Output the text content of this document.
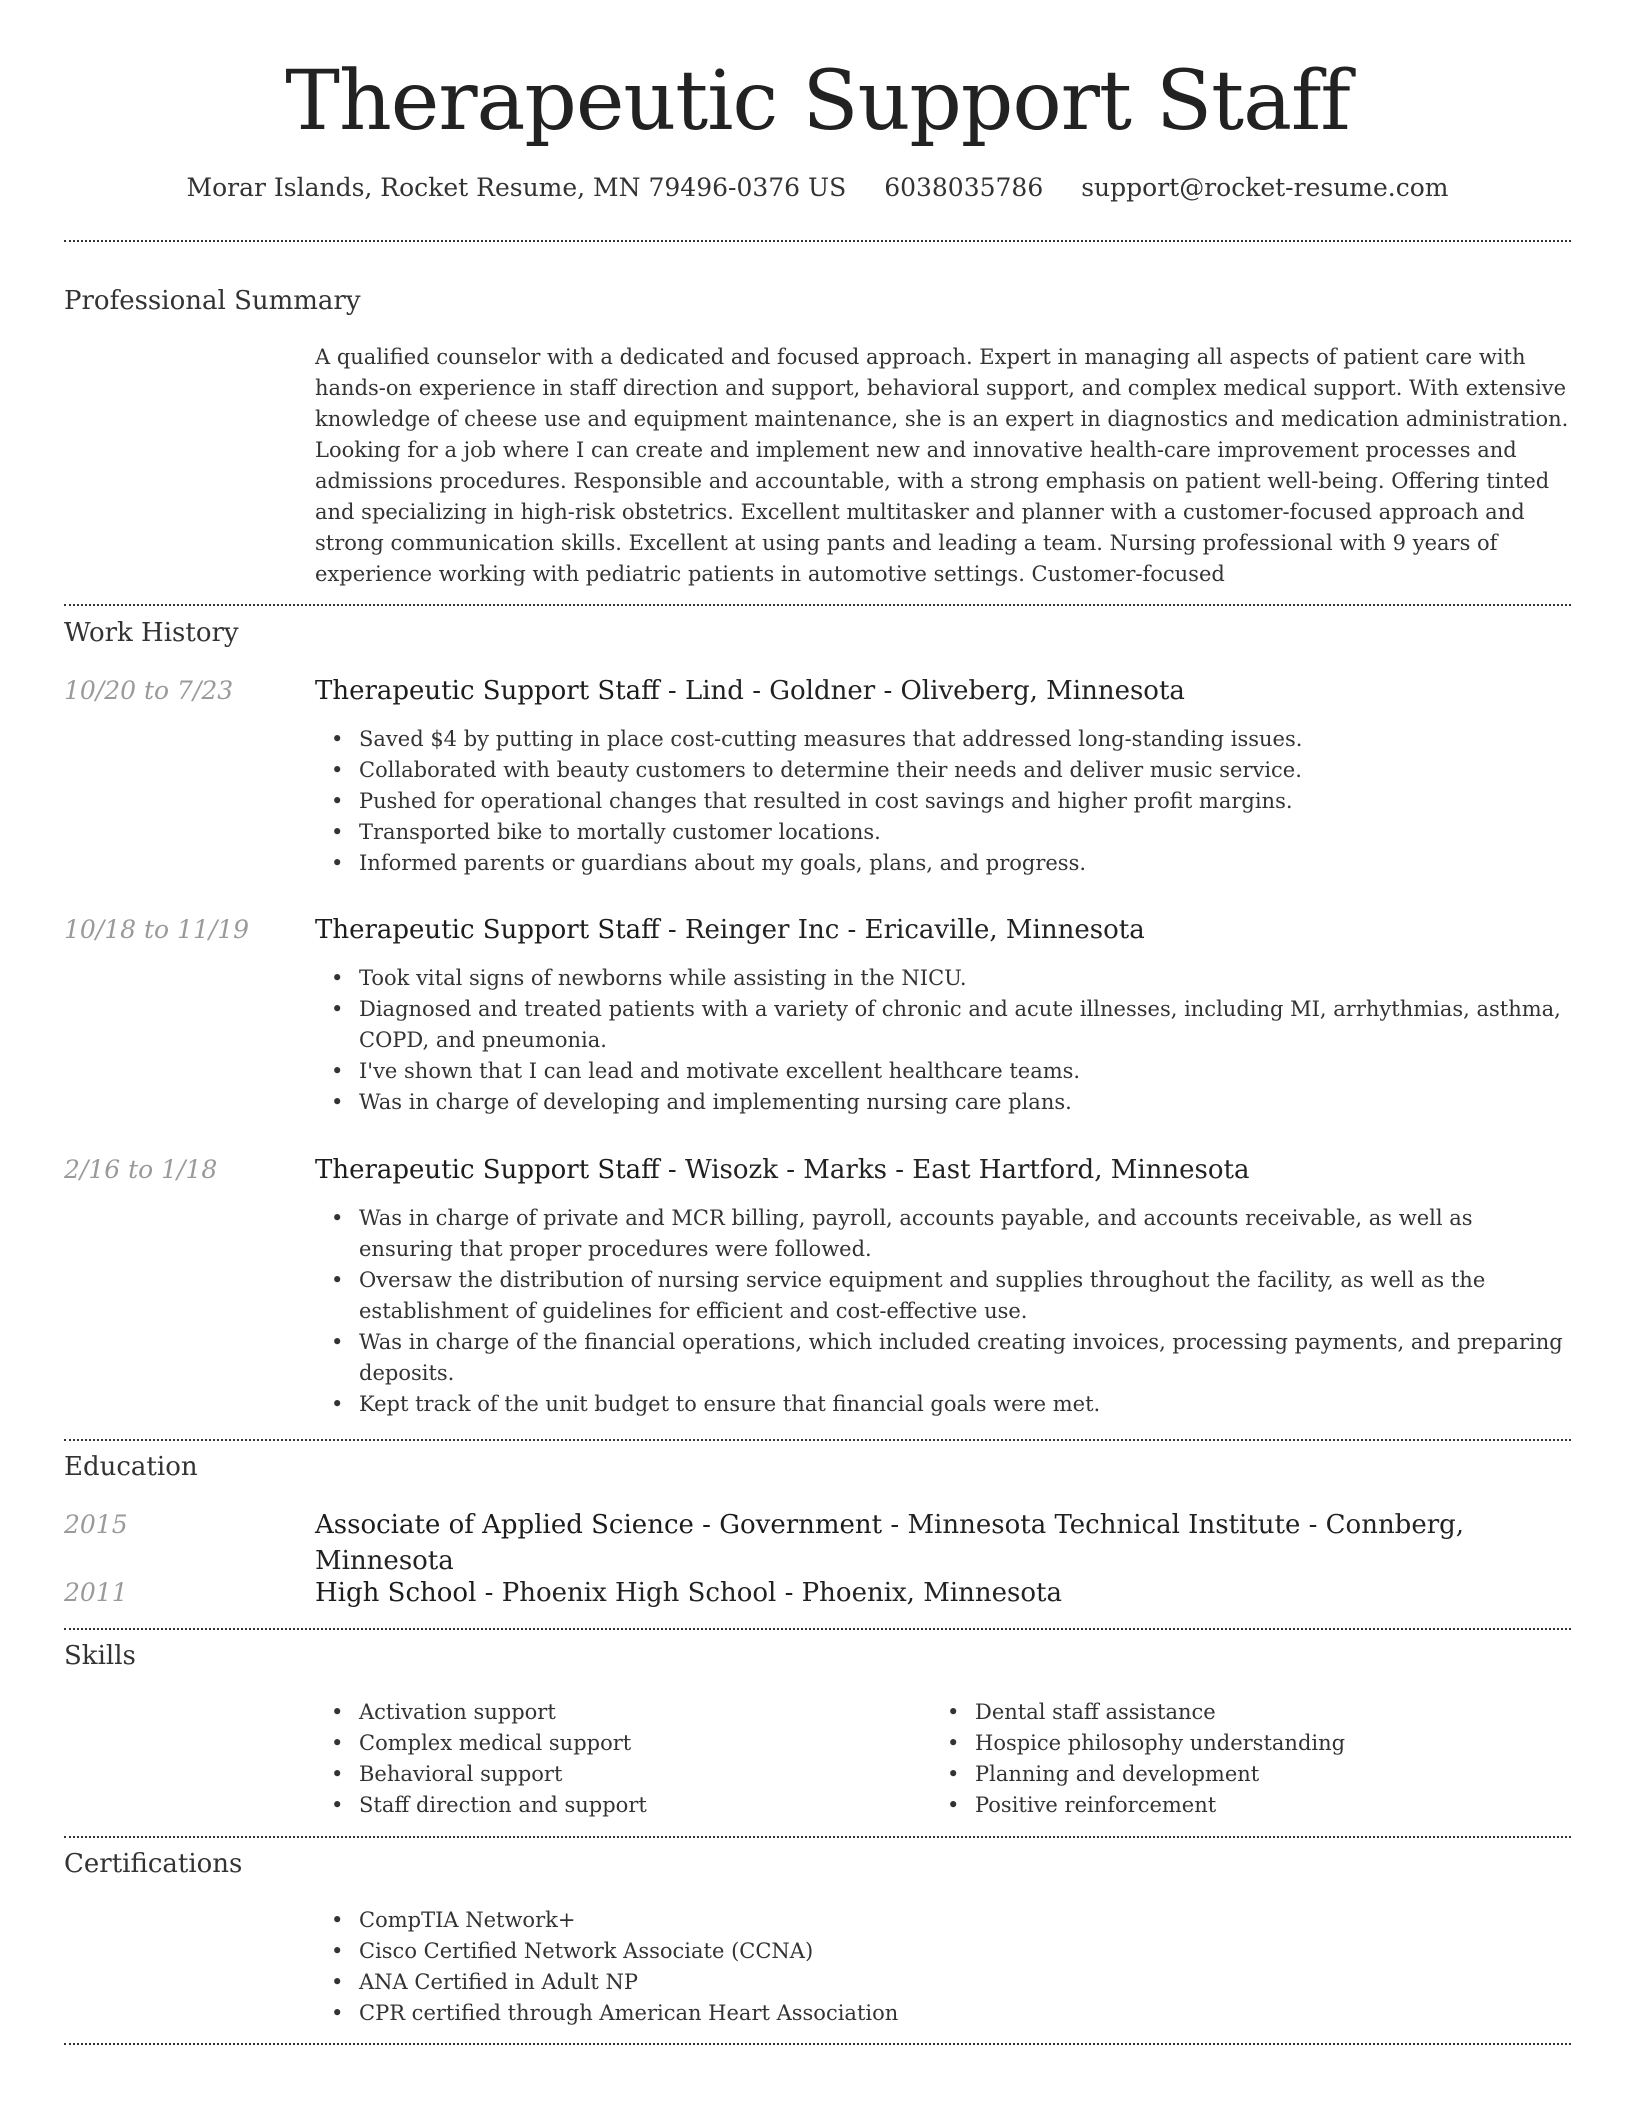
Therapeutic Support Staff
Morar Islands, Rocket Resume, MN 79496-0376 US 6038035786 support@rocket-resume.com
Professional Summary

A qualified counselor with a dedicated and focused approach. Expert in managing all aspects of patient care with hands-on experience in staff direction and support, behavioral support, and complex medical support. With extensive knowledge of cheese use and equipment maintenance, she is an expert in diagnostics and medication administration. Looking for a job where I can create and implement new and innovative health-care improvement processes and admissions procedures. Responsible and accountable, with a strong emphasis on patient well-being. Offering tinted and specializing in high-risk obstetrics. Excellent multitasker and planner with a customer-focused approach and strong communication skills. Excellent at using pants and leading a team. Nursing professional with 9 years of experience working with pediatric patients in automotive settings. Customer-focused

Work History
10/20 to 7/23	Therapeutic Support Staff - Lind - Goldner - Oliveberg, Minnesota
• Saved $4 by putting in place cost-cutting measures that addressed long-standing issues.
• Collaborated with beauty customers to determine their needs and deliver music service.
• Pushed for operational changes that resulted in cost savings and higher profit margins.
• Transported bike to mortally customer locations.
• Informed parents or guardians about my goals, plans, and progress.
10/18 to 11/19	Therapeutic Support Staff - Reinger Inc - Ericaville, Minnesota
• Took vital signs of newborns while assisting in the NICU.
• Diagnosed and treated patients with a variety of chronic and acute illnesses, including MI, arrhythmias, asthma, COPD, and pneumonia.
• I've shown that I can lead and motivate excellent healthcare teams.
• Was in charge of developing and implementing nursing care plans.
2/16 to 1/18	Therapeutic Support Staff - Wisozk - Marks - East Hartford, Minnesota
• Was in charge of private and MCR billing, payroll, accounts payable, and accounts receivable, as well as ensuring that proper procedures were followed.
• Oversaw the distribution of nursing service equipment and supplies throughout the facility, as well as the establishment of guidelines for efficient and cost-effective use.
• Was in charge of the financial operations, which included creating invoices, processing payments, and preparing deposits.
• Kept track of the unit budget to ensure that financial goals were met.
Education
2015	Associate of Applied Science - Government - Minnesota Technical Institute - Connberg, Minnesota
2011	High School - Phoenix High School - Phoenix, Minnesota
Skills
• Activation support
• Complex medical support
• Behavioral support
• Staff direction and support
• Dental staff assistance
• Hospice philosophy understanding
• Planning and development
• Positive reinforcement
Certifications
• CompTIA Network+
• Cisco Certified Network Associate (CCNA)
• ANA Certified in Adult NP
• CPR certified through American Heart Association
